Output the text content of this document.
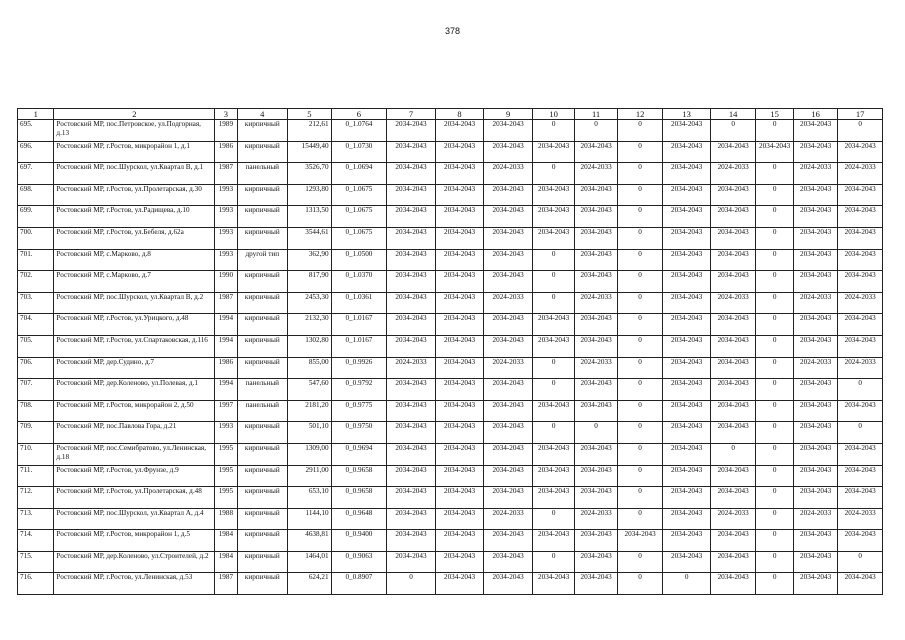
378
1	2	3	4	5	6	7	8	9	10	11	12	13	14	15	16	17
695.	Ростовский МР, пос.Петровское, ул.Подгорная, д.13	1989	кирпичный	212,61	0_1.0764	2034-2043	2034-2043	2034-2043	0	0	0	2034-2043	0	0	2034-2043	0
696.	Ростовский МР, г.Ростов, микрорайон 1, д.1	1986	кирпичный	15449,40	0_1.0730	2034-2043	2034-2043	2034-2043	2034-2043	2034-2043	0	2034-2043	2034-2043	2034-2043	2034-2043	2034-2043
697.	Ростовский МР, пос.Шурскол, ул.Квартал В, д.1	1987	панельный	3526,70	0_1.0694	2034-2043	2034-2043	2024-2033	0	2024-2033	0	2034-2043	2024-2033	0	2024-2033	2024-2033
698.	Ростовский МР, г.Ростов, ул.Пролетарская, д.30	1993	кирпичный	1293,80	0_1.0675	2034-2043	2034-2043	2034-2043	2034-2043	2034-2043	0	2034-2043	2034-2043	0	2034-2043	2034-2043
699.	Ростовский МР, г.Ростов, ул.Радищева, д.10	1993	кирпичный	1313,50	0_1.0675	2034-2043	2034-2043	2034-2043	2034-2043	2034-2043	0	2034-2043	2034-2043	0	2034-2043	2034-2043
700.	Ростовский МР, г.Ростов, ул.Бебеля, д.62а	1993	кирпичный	3544,61	0_1.0675	2034-2043	2034-2043	2034-2043	2034-2043	2034-2043	0	2034-2043	2034-2043	0	2034-2043	2034-2043
701.	Ростовский МР, с.Марково, д.8	1993	другой тип	362,90	0_1.0500	2034-2043	2034-2043	2034-2043	0	2034-2043	0	2034-2043	2034-2043	0	2034-2043	2034-2043
702.	Ростовский МР, с.Марково, д.7	1990	кирпичный	817,90	0_1.0370	2034-2043	2034-2043	2034-2043	0	2034-2043	0	2034-2043	2034-2043	0	2034-2043	2034-2043
703.	Ростовский МР, пос.Шурскол, ул.Квартал В, д.2	1987	кирпичный	2453,30	0_1.0361	2034-2043	2034-2043	2024-2033	0	2024-2033	0	2034-2043	2024-2033	0	2024-2033	2024-2033
704.	Ростовский МР, г.Ростов, ул.Урицкого, д.48	1994	кирпичный	2132,30	0_1.0167	2034-2043	2034-2043	2034-2043	2034-2043	2034-2043	0	2034-2043	2034-2043	0	2034-2043	2034-2043
705.	Ростовский МР, г.Ростов, ул.Спартаковская, д.116	1994	кирпичный	1302,80	0_1.0167	2034-2043	2034-2043	2034-2043	2034-2043	2034-2043	0	2034-2043	2034-2043	0	2034-2043	2034-2043
706.	Ростовский МР, дер.Судино, д.7	1986	кирпичный	855,00	0_0.9926	2024-2033	2034-2043	2024-2033	0	2024-2033	0	2034-2043	2034-2043	0	2024-2033	2024-2033
707.	Ростовский МР, дер.Коленово, ул.Полевая, д.1	1994	панельный	547,60	0_0.9792	2034-2043	2034-2043	2034-2043	0	2034-2043	0	2034-2043	2034-2043	0	2034-2043	0
708.	Ростовский МР, г.Ростов, микрорайон 2, д.50	1997	панельный	2181,20	0_0.9775	2034-2043	2034-2043	2034-2043	2034-2043	2034-2043	0	2034-2043	2034-2043	0	2034-2043	2034-2043
709.	Ростовский МР, пос.Павлова Гора, д.21	1993	кирпичный	501,10	0_0.9750	2034-2043	2034-2043	2034-2043	0	0	0	2034-2043	2034-2043	0	2034-2043	0
710.	Ростовский МР, пос.Семибратово, ул.Ленинская, д.18	1995	кирпичный	1309,00	0_0.9694	2034-2043	2034-2043	2034-2043	2034-2043	2034-2043	0	2034-2043	0	0	2034-2043	2034-2043
711.	Ростовский МР, г.Ростов, ул.Фрунзе, д.9	1995	кирпичный	2911,00	0_0.9658	2034-2043	2034-2043	2034-2043	2034-2043	2034-2043	0	2034-2043	2034-2043	0	2034-2043	2034-2043
712.	Ростовский МР, г.Ростов, ул.Пролетарская, д.48	1995	кирпичный	653,10	0_0.9658	2034-2043	2034-2043	2034-2043	2034-2043	2034-2043	0	2034-2043	2034-2043	0	2034-2043	2034-2043
713.	Ростовский МР, пос.Шурскол, ул.Квартал А, д.4	1988	кирпичный	1144,10	0_0.9648	2034-2043	2034-2043	2024-2033	0	2024-2033	0	2034-2043	2024-2033	0	2024-2033	2024-2033
714.	Ростовский МР, г.Ростов, микрорайон 1, д.5	1984	кирпичный	4638,81	0_0.9400	2034-2043	2034-2043	2034-2043	2034-2043	2034-2043	2034-2043	2034-2043	2034-2043	0	2034-2043	2034-2043
715.	Ростовский МР, дер.Коленово, ул.Строителей, д.2	1984	кирпичный	1464,01	0_0.9063	2034-2043	2034-2043	2034-2043	0	2034-2043	0	2034-2043	2034-2043	0	2034-2043	0
716.	Ростовский МР, г.Ростов, ул.Ленинская, д.53	1987	кирпичный	624,21	0_0.8907	0	2034-2043	2034-2043	2034-2043	2034-2043	0	0	2034-2043	0	2034-2043	2034-2043
